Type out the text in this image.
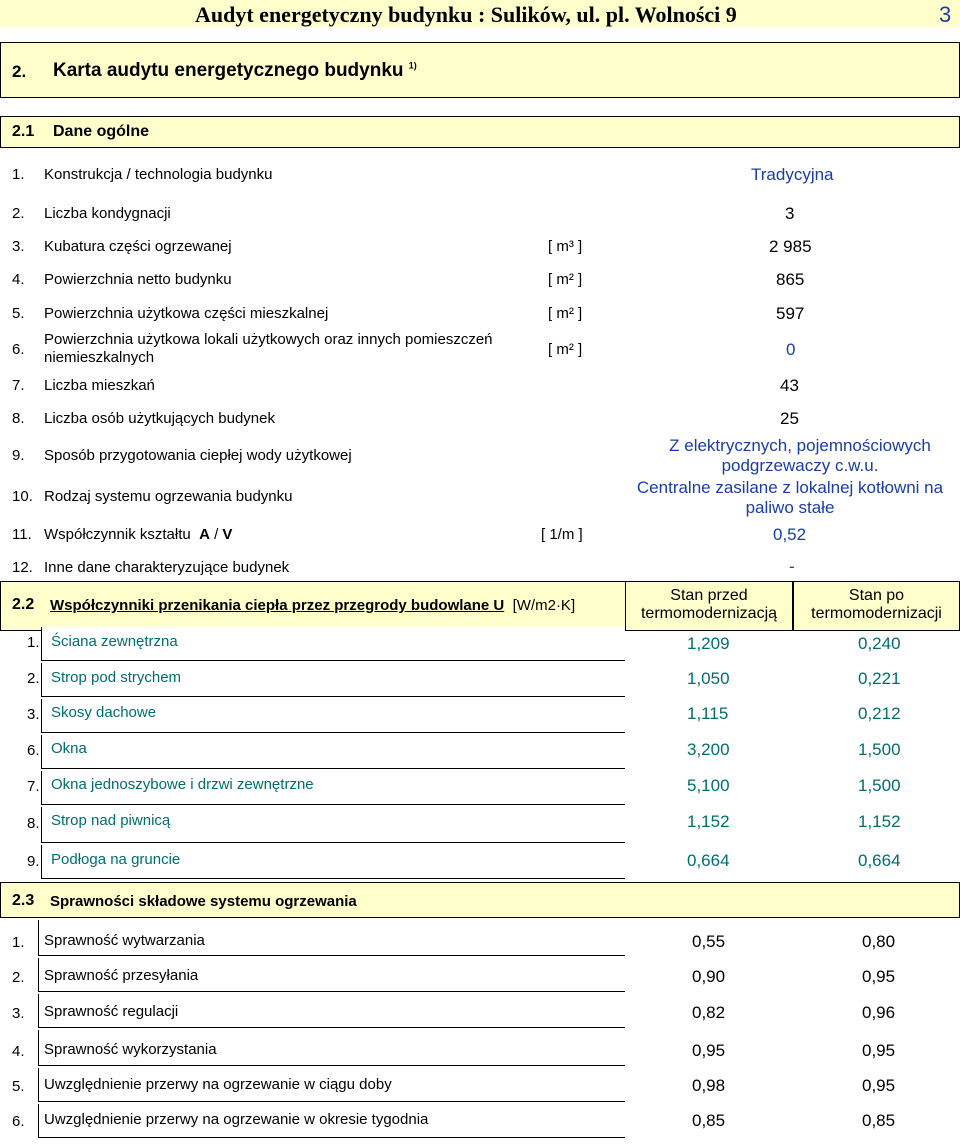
Audyt energetyczny budynku : Sulików, ul. pl. Wolności 9	3
2. Karta audytu energetycznego budynku $^{1)}$
2.1 Dane ogólne
1. Konstrukcja / technologia budynku	Tradycyjna
2. Liczba kondygnacji	3
3. Kubatura części ogrzewanej	[ m³ ]	2 985
4. Powierzchnia netto budynku	[ m² ]	865
5. Powierzchnia użytkowa części mieszkalnej	[ m² ]	597
6.
Powierzchnia użytkowa lokali użytkowych oraz innych pomieszczeń
niemieszkalnych	[ m² ]	0
7. Liczba mieszkań	43
8. Liczba osób użytkujących budynek	25
9. Sposób przygotowania ciepłej wody użytkowej
Z elektrycznych, pojemnościowych
podgrzewaczy c.w.u.
10. Rodzaj systemu ogrzewania budynku	Centralne zasilane z lokalnej kotłowni na
paliwo stałe
11. Współczynnik kształtu A / V	[ 1/m ]	0,52
12. Inne dane charakteryzujące budynek	-
2.2 Współczynniki przenikania ciepła przez przegrody budowlane U [W/m2·K]
Stan przed
termomodernizacją
Stan po
termomodernizacji
1. Ściana zewnętrzna	1,209	0,240
2. Strop pod strychem	1,050	0,221
3. Skosy dachowe	1,115	0,212
6. Okna	3,200	1,500
7. Okna jednoszybowe i drzwi zewnętrzne	5,100	1,500
8. Strop nad piwnicą	1,152	1,152
9. Podłoga na gruncie	0,664	0,664
2.3 Sprawności składowe systemu ogrzewania
1. Sprawność wytwarzania	0,55	0,80
2. Sprawność przesyłania	0,90	0,95
3. Sprawność regulacji	0,82	0,96
4. Sprawność wykorzystania	0,95	0,95
5. Uwzględnienie przerwy na ogrzewanie w ciągu doby	0,98	0,95
6. Uwzględnienie przerwy na ogrzewanie w okresie tygodnia	0,85	0,85
